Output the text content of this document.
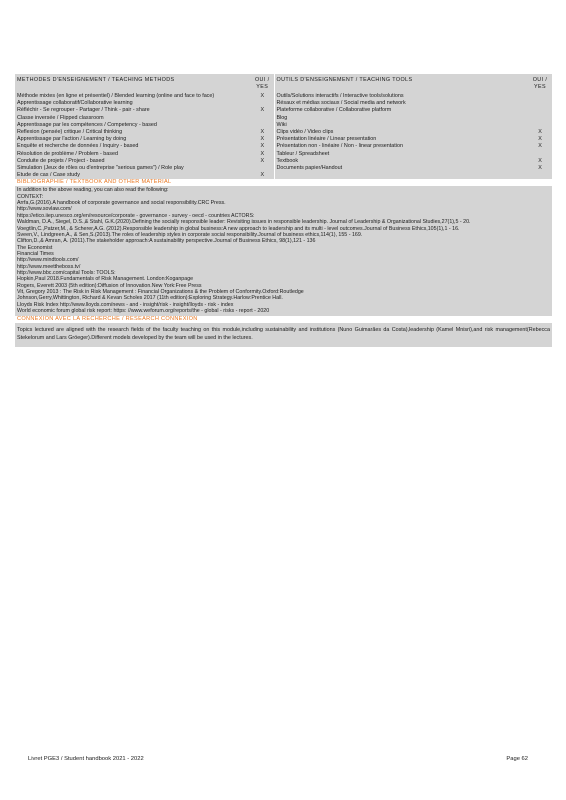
METHODES D'ENSEIGNEMENT / TEACHING METHODS	OUI / YES	OUTILS D'ENSEIGNEMENT / TEACHING TOOLS	OUI / YES
Méthode mixtes (en ligne et présentiel) / Blended learning (online and face to face)	X	Outils/Solutions interactifs / Interactive tools/solutions	
Apprentissage collaboratif/Collaborative learning		Résaux et médias sociaux / Social media and network	
Réfléchir - Se regrouper - Partager / Think - pair - share	X	Plateforme collaborative / Collaborative platform	
Classe inversée / Flipped classroom		Blog	
Apprentissage par les compétences / Competency - based		Wiki	
Reflexion (pensée) critique / Critical thinking	X	Clips vidéo / Video clips	X
Apprentissage par l'action / Learning by doing	X	Présentation linéaire / Linear presentation	X
Enquête et recherche de données / Inquiry - based	X	Présentation non - linéaire / Non - linear presentation	X
Résolution de problème / Problem - based	X	Tableur / Spreadsheet	
Conduite de projets / Project - based	X	Textbook	X
Simulation (Jeux de rôles ou d'entreprise "serious games") / Role play		Documents papier/Handout	X
Etude de cas / Case study	X		
BIBLIOGRAPHIE / TEXTBOOK AND OTHER MATERIAL
In addition to the above reading, you can also read the following:
CONTEXT:
Arrfa,G.(2016).A handbook of corporate governance and social responsibility.CRC Press.
http://www.sovlaw.com/
https://etico.iiep.unesco.org/en/resource/corporate - governance - survey - oecd - countries ACTORS:
Waldman, D.A., Siegel, D.S.,& Stahl, G.K.(2020).Defining the socially responsible leader: Revisiting issues in responsible leadership. Journal of Leadership & Organizational Studies,27(1),5 - 20.
Voegtlin,C.,Patzer,M., & Scherer,A.G. (2012).Responsible leadership in global business:A new approach to leadership and its multi - level outcomes.Journal of Business Ethics,105(1),1 - 16.
Sveen,V., Lindgreen,A., & Sen,S.(2013).The roles of leadership styles in corporate social responsibility.Journal of business ethics,114(1), 155 - 169.
Clifton,D.,& Amran, A. (2011).The stakeholder approach:A sustainability perspective.Journal of Business Ethics, 98(1),121 - 136
The Economist
Financial Times
http://www.mindtools.com/
http://www.meettheboss.tv/
http://www.bbc.com/capital Tools: TOOLS:
Hopkin,Paul 2018.Fundamentals of Risk Management. London:Koganpage
Rogers, Everett 2003 (5th edition):Diffusion of Innovation.New York:Free Press
Vit, Gregory 2013 : The Risk in Risk Management : Financial Organizations & the Problem of Conformity.Oxford:Routledge
Johnson,Gerry,Whittington, Richard & Kevan Scholes 2017 (11th edition):Exploring Strategy.Harlow:Prentice Hall.
Lloyds Risk Index http://www.lloyds.com/news - and - insight/risk - insight/lloyds - risk - index
World economic forum global risk report: https: //www.weforum.org/reports/the - global - risks - report - 2020
CONNEXION AVEC LA RECHERCHE / RESEARCH CONNEXION
Topics lectured are aligned with the research fields of the faculty teaching on this module,including sustainability and institutions (Nuno Guimarães da Costa),leadership (Kamel Mnisri),and risk management(Rebecca Stekelorum and Lars Gröeger).Different models developed by the team will be used in the lectures.
Livret PGE3 / Student handbook 2021 - 2022	Page 62
